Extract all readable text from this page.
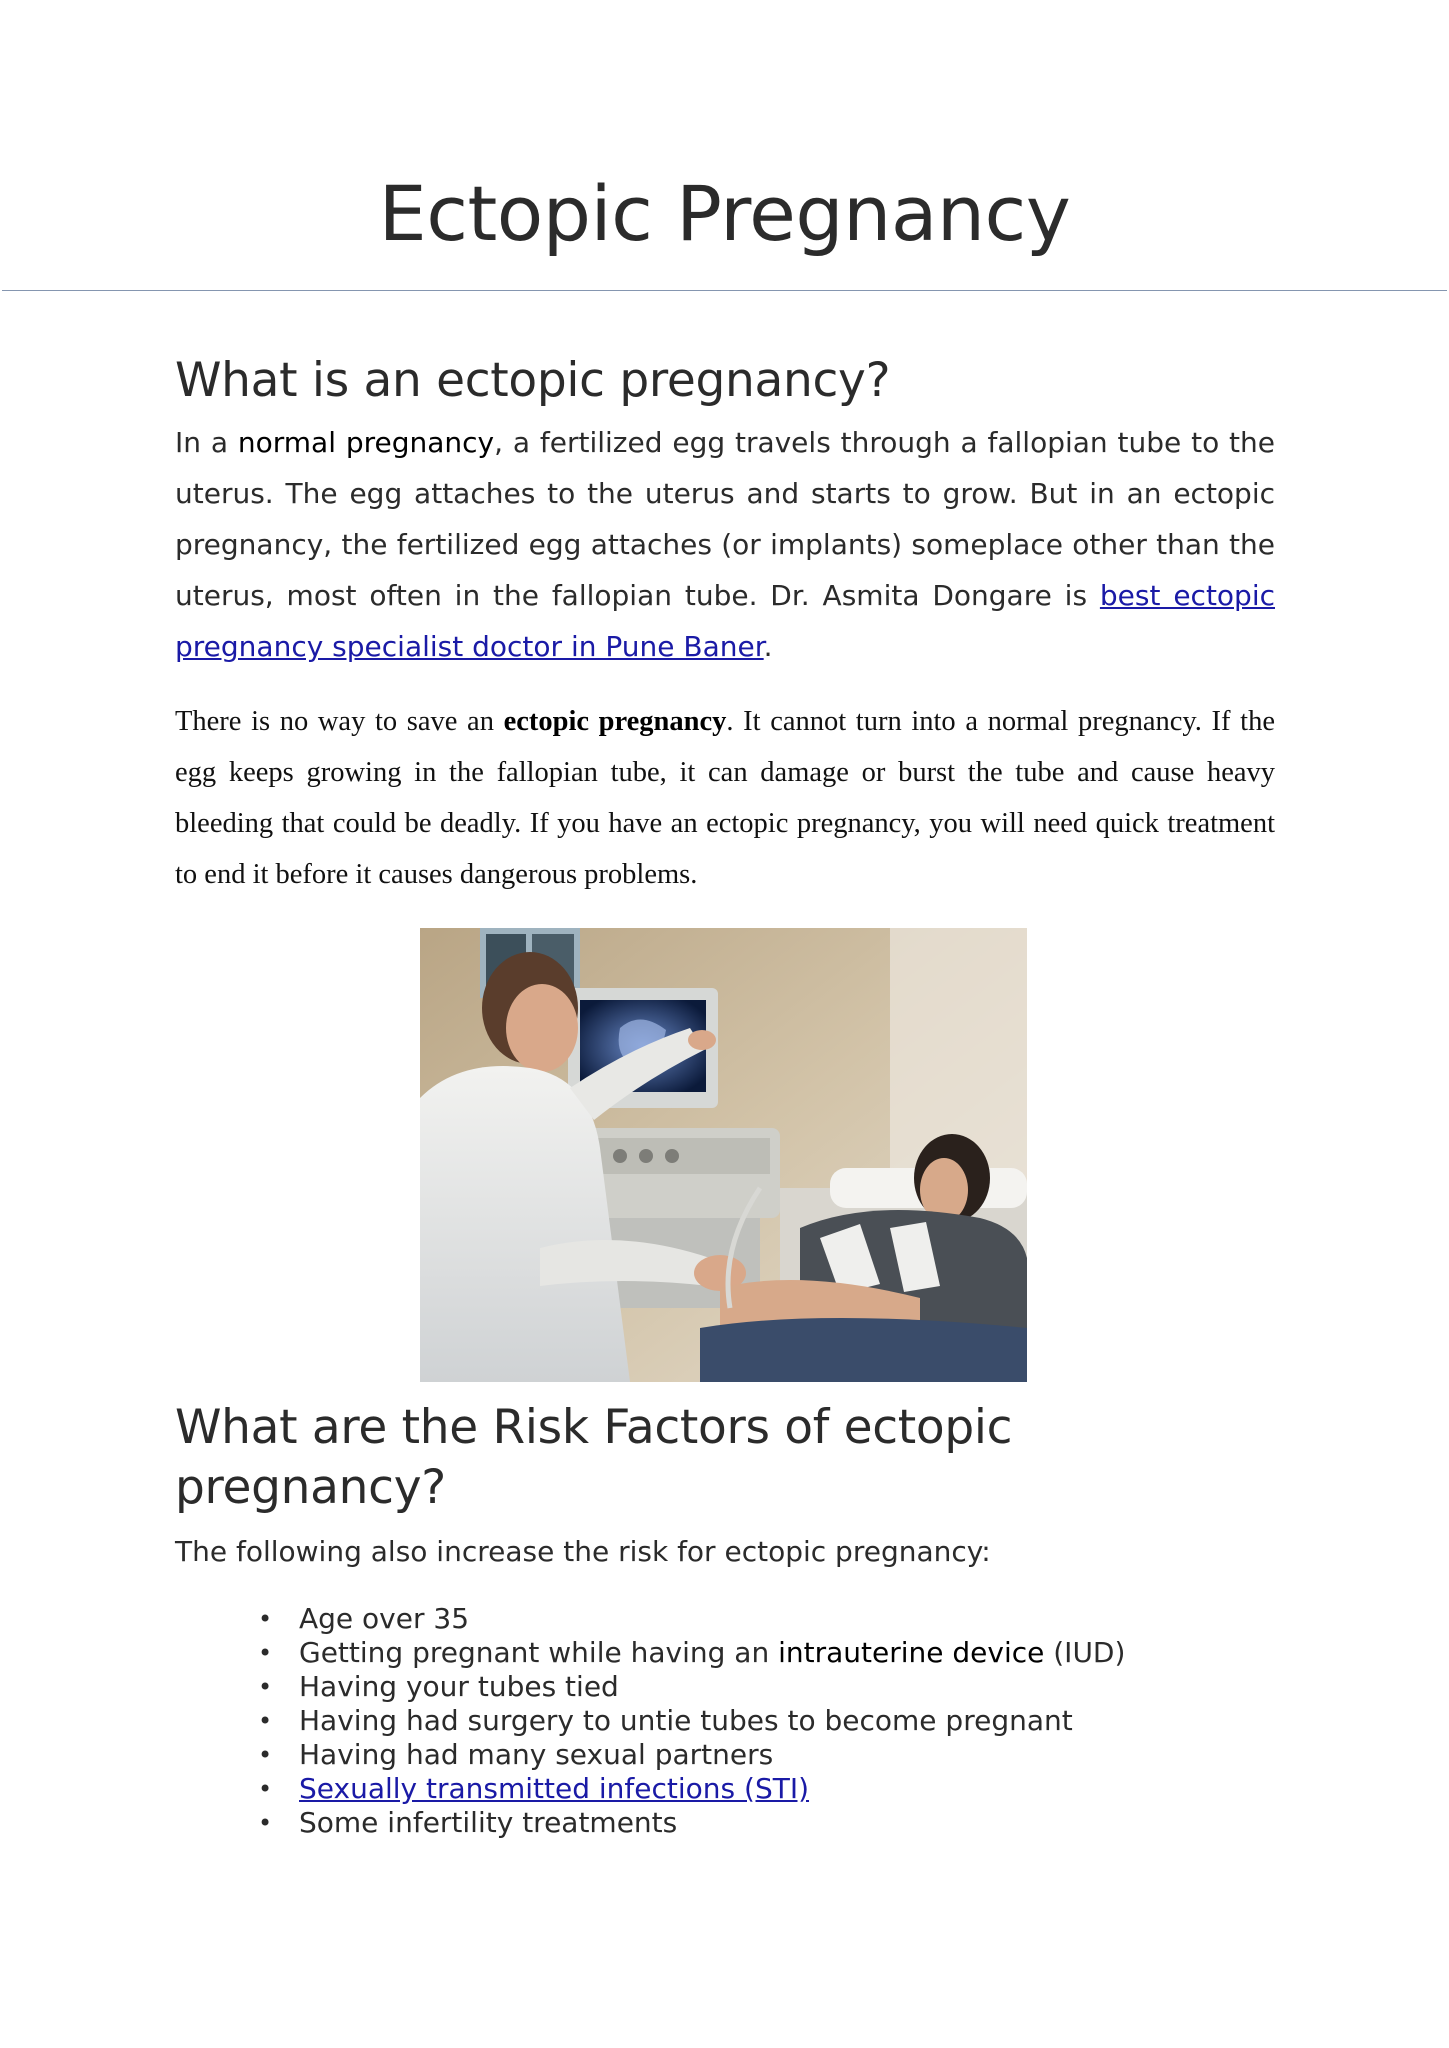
Ectopic Pregnancy
What is an ectopic pregnancy?

In a normal pregnancy, a fertilized egg travels through a fallopian tube to the uterus. The egg attaches to the uterus and starts to grow. But in an ectopic pregnancy, the fertilized egg attaches (or implants) someplace other than the uterus, most often in the fallopian tube. Dr. Asmita Dongare is best ectopic pregnancy specialist doctor in Pune Baner.

There is no way to save an ectopic pregnancy. It cannot turn into a normal pregnancy. If the egg keeps growing in the fallopian tube, it can damage or burst the tube and cause heavy bleeding that could be deadly. If you have an ectopic pregnancy, you will need quick treatment to end it before it causes dangerous problems.

What are the Risk Factors of ectopic
pregnancy?

The following also increase the risk for ectopic pregnancy:

• Age over 35
• Getting pregnant while having an intrauterine device (IUD)
• Having your tubes tied
• Having had surgery to untie tubes to become pregnant
• Having had many sexual partners
• Sexually transmitted infections (STI)
• Some infertility treatments
